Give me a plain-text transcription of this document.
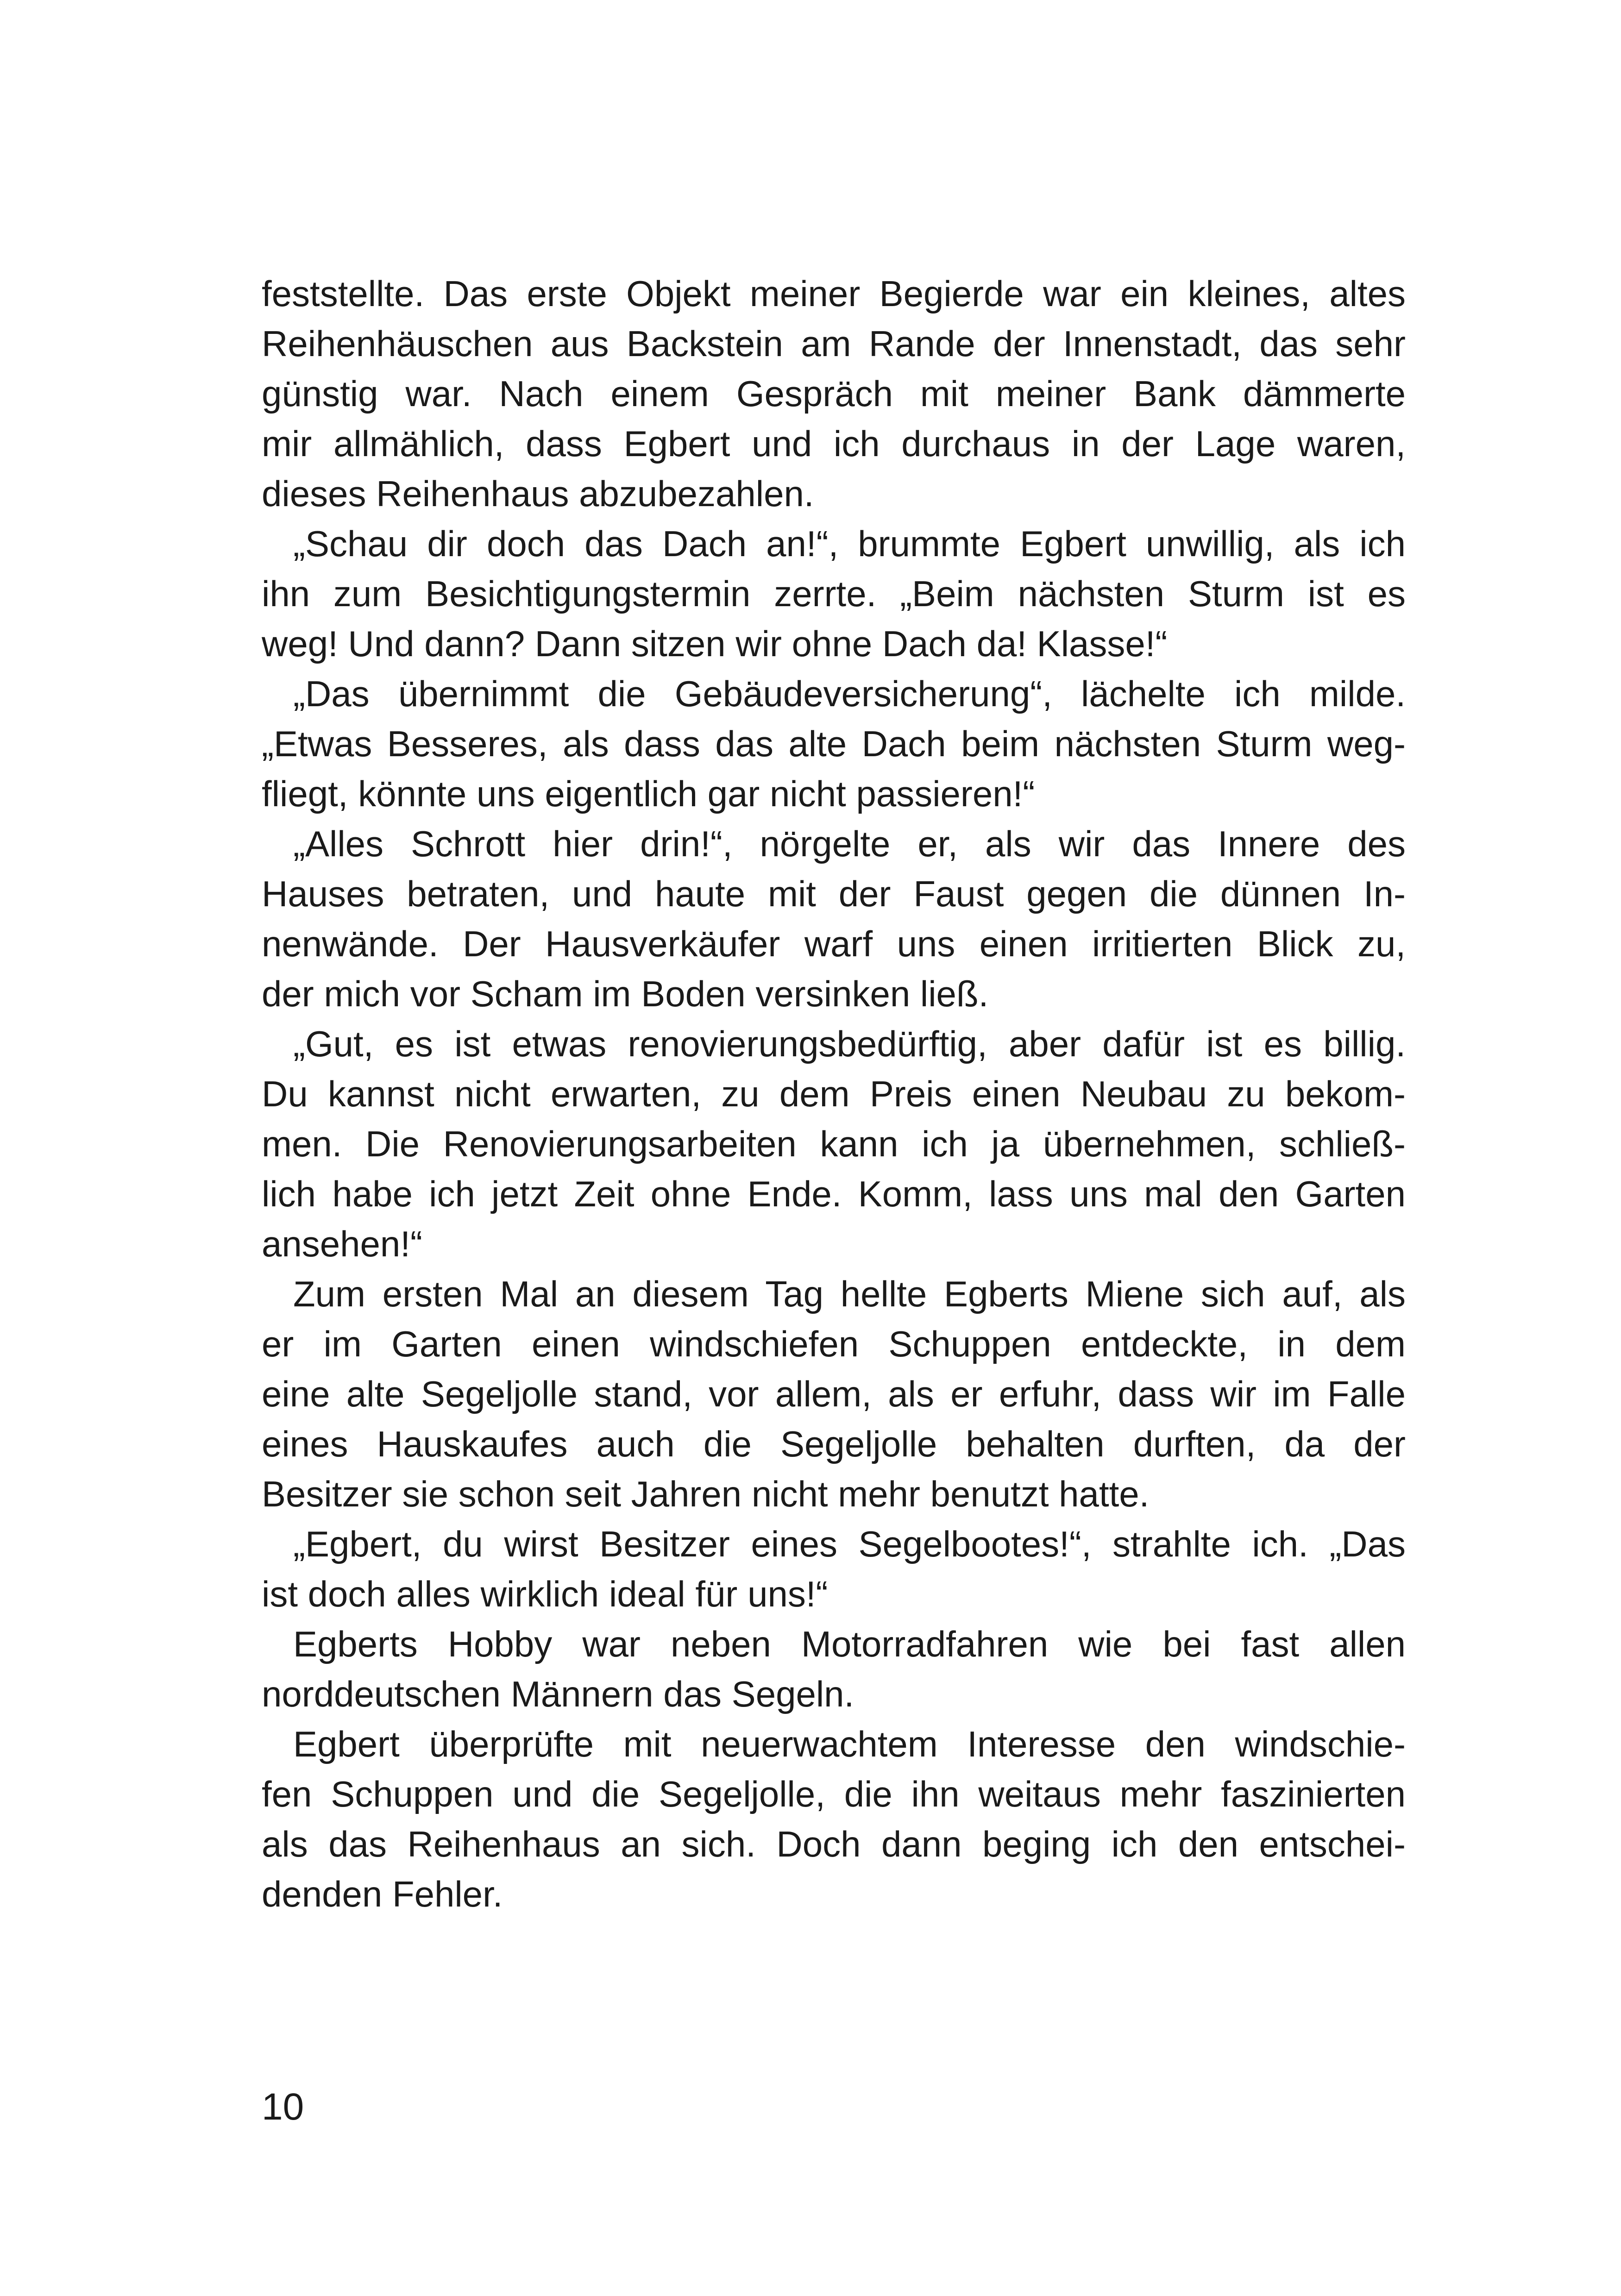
feststellte. Das erste Objekt meiner Begierde war ein kleines, altes
Reihenhäuschen aus Backstein am Rande der Innenstadt, das sehr
günstig war. Nach einem Gespräch mit meiner Bank dämmerte
mir allmählich, dass Egbert und ich durchaus in der Lage waren,
dieses Reihenhaus abzubezahlen.
„Schau dir doch das Dach an!“, brummte Egbert unwillig, als ich
ihn zum Besichtigungstermin zerrte. „Beim nächsten Sturm ist es
weg! Und dann? Dann sitzen wir ohne Dach da! Klasse!“
„Das übernimmt die Gebäudeversicherung“, lächelte ich milde.
„Etwas Besseres, als dass das alte Dach beim nächsten Sturm weg-
fliegt, könnte uns eigentlich gar nicht passieren!“
„Alles Schrott hier drin!“, nörgelte er, als wir das Innere des
Hauses betraten, und haute mit der Faust gegen die dünnen In-
nenwände. Der Hausverkäufer warf uns einen irritierten Blick zu,
der mich vor Scham im Boden versinken ließ.
„Gut, es ist etwas renovierungsbedürftig, aber dafür ist es billig.
Du kannst nicht erwarten, zu dem Preis einen Neubau zu bekom-
men. Die Renovierungsarbeiten kann ich ja übernehmen, schließ-
lich habe ich jetzt Zeit ohne Ende. Komm, lass uns mal den Garten
ansehen!“
Zum ersten Mal an diesem Tag hellte Egberts Miene sich auf, als
er im Garten einen windschiefen Schuppen entdeckte, in dem
eine alte Segeljolle stand, vor allem, als er erfuhr, dass wir im Falle
eines Hauskaufes auch die Segeljolle behalten durften, da der
Besitzer sie schon seit Jahren nicht mehr benutzt hatte.
„Egbert, du wirst Besitzer eines Segelbootes!“, strahlte ich. „Das
ist doch alles wirklich ideal für uns!“
Egberts Hobby war neben Motorradfahren wie bei fast allen
norddeutschen Männern das Segeln.
Egbert überprüfte mit neuerwachtem Interesse den windschie-
fen Schuppen und die Segeljolle, die ihn weitaus mehr faszinierten
als das Reihenhaus an sich. Doch dann beging ich den entschei-
denden Fehler.
10
